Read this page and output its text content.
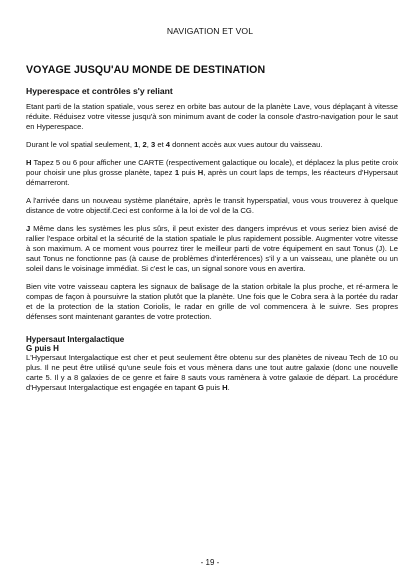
NAVIGATION ET VOL
VOYAGE JUSQU'AU MONDE DE DESTINATION
Hyperespace et contrôles s'y reliant

Etant parti de la station spatiale, vous serez en orbite bas autour de la planète Lave, vous déplaçant à vitesse réduite. Réduisez votre vitesse jusqu'à son minimum avant de coder la console d'astro-navigation pour le saut en Hyperespace.

Durant le vol spatial seulement, 1, 2, 3 et 4 donnent accès aux vues autour du vaisseau.

H Tapez 5 ou 6 pour afficher une CARTE (respectivement galactique ou locale), et déplacez la plus petite croix pour choisir une plus grosse planète, tapez 1 puis H, après un court laps de temps, les réacteurs d'Hypersaut démarreront.

A l'arrivée dans un nouveau système planétaire, après le transit hyperspatial, vous vous trouverez à quelque distance de votre objectif.Ceci est conforme à la loi de vol de la CG.

J Même dans les systèmes les plus sûrs, il peut exister des dangers imprévus et vous seriez bien avisé de rallier l'espace orbital et la sécurité de la station spatiale le plus rapidement possible. Augmenter votre vitesse à son maximum. A ce moment vous pourrez tirer le meilleur parti de votre équipement en saut Tonus (J). Le saut Tonus ne fonctionne pas (à cause de problèmes d'interférences) s'il y a un vaisseau, une planète ou un soleil dans le voisinage immédiat. Si c'est le cas, un signal sonore vous en avertira.

Bien vite votre vaisseau captera les signaux de balisage de la station orbitale la plus proche, et ré-armera le compas de façon à poursuivre la station plutôt que la planète. Une fois que le Cobra sera à la portée du radar et de la protection de la station Coriolis, le radar en grille de vol commencera à le suivre. Ses propres défenses sont maintenant garantes de votre protection.

Hypersaut Intergalactique
G puis H

L'Hypersaut Intergalactique est cher et peut seulement être obtenu sur des planètes de niveau Tech de 10 ou plus. Il ne peut être utilisé qu'une seule fois et vous mènera dans une tout autre galaxie (donc une nouvelle carte 5. Il y a 8 galaxies de ce genre et faire 8 sauts vous ramènera à votre galaxie de départ. La procédure d'Hypersaut Intergalactique est engagée en tapant G puis H.

- 19 -
